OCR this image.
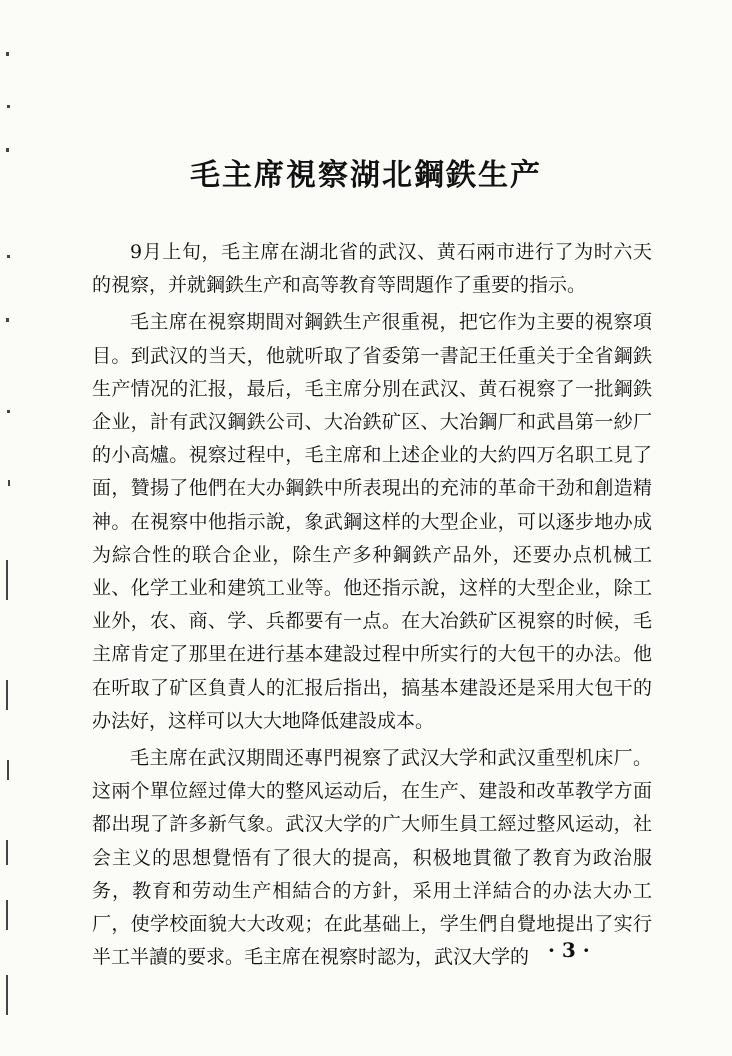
毛主席視察湖北鋼鉄生产

9月上旬，毛主席在湖北省的武汉、黄石兩市进行了为时六天的視察，并就鋼鉄生产和高等教育等問題作了重要的指示。

毛主席在視察期間对鋼鉄生产很重視，把它作为主要的視察項目。到武汉的当天，他就听取了省委第一書記王任重关于全省鋼鉄生产情况的汇报，最后，毛主席分別在武汉、黄石視察了一批鋼鉄企业，計有武汉鋼鉄公司、大冶鉄矿区、大冶鋼厂和武昌第一紗厂的小高爐。視察过程中，毛主席和上述企业的大約四万名职工見了面，贊揚了他們在大办鋼鉄中所表現出的充沛的革命干劲和創造精神。在視察中他指示說，象武鋼这样的大型企业，可以逐步地办成为綜合性的联合企业，除生产多种鋼鉄产品外，还要办点机械工业、化学工业和建筑工业等。他还指示說，这样的大型企业，除工业外，农、商、学、兵都要有一点。在大冶鉄矿区視察的时候，毛主席肯定了那里在进行基本建設过程中所实行的大包干的办法。他在听取了矿区負責人的汇报后指出，搞基本建設还是采用大包干的办法好，这样可以大大地降低建設成本。

毛主席在武汉期間还專門視察了武汉大学和武汉重型机床厂。这兩个單位經过偉大的整风运动后，在生产、建設和改革教学方面都出現了許多新气象。武汉大学的广大师生員工經过整风运动，社会主义的思想覺悟有了很大的提高，积极地貫徹了教育为政治服务，教育和劳动生产相結合的方針，采用土洋結合的办法大办工厂，使学校面貌大大改观；在此基础上，学生們自覺地提出了实行半工半讀的要求。毛主席在視察时認为，武汉大学的 · 3 ·
